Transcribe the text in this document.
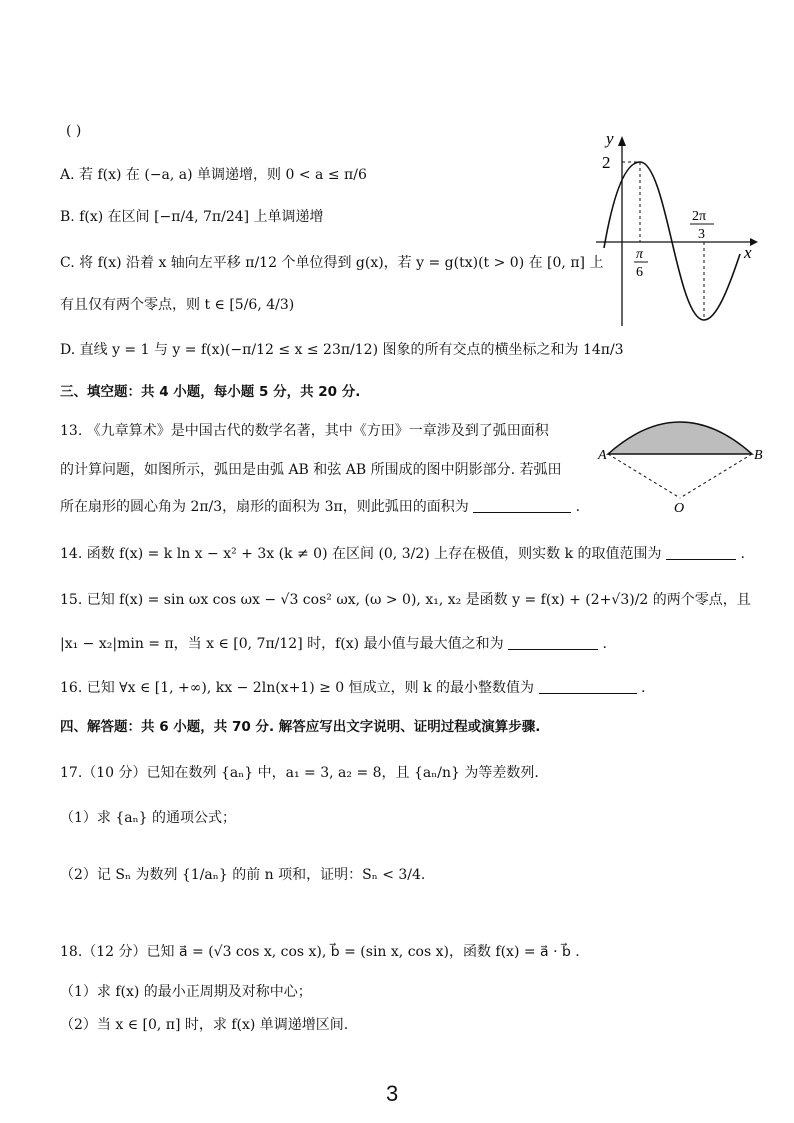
( )
A. 若 f(x) 在 (−a, a) 单调递增，则 0 < a ≤ π/6
B. f(x) 在区间 [−π/4, 7π/24] 上单调递增
C. 将 f(x) 沿着 x 轴向左平移 π/12 个单位得到 g(x)，若 y = g(tx)(t > 0) 在 [0, π] 上
有且仅有两个零点，则 t ∈ [5/6, 4/3)
D. 直线 y = 1 与 y = f(x)(−π/12 ≤ x ≤ 23π/12) 图象的所有交点的横坐标之和为 14π/3
y
x
2
π
6
2π
3
三、填空题：共 4 小题，每小题 5 分，共 20 分.
13. 《九章算术》是中国古代的数学名著，其中《方田》一章涉及到了弧田面积
的计算问题，如图所示，弧田是由弧 AB 和弦 AB 所围成的图中阴影部分. 若弧田
所在扇形的圆心角为 2π/3，扇形的面积为 3π，则此弧田的面积为	.
A	B
O
14. 函数 f(x) = k ln x − x² + 3x (k ≠ 0) 在区间 (0, 3/2) 上存在极值，则实数 k 的取值范围为	.
15. 已知 f(x) = sin ωx cos ωx − √3 cos² ωx, (ω > 0), x₁, x₂ 是函数 y = f(x) + (2+√3)/2 的两个零点，且
|x₁ − x₂|min = π，当 x ∈ [0, 7π/12] 时，f(x) 最小值与最大值之和为	.
16. 已知 ∀x ∈ [1, +∞), kx − 2ln(x+1) ≥ 0 恒成立，则 k 的最小整数值为	.
四、解答题：共 6 小题，共 70 分. 解答应写出文字说明、证明过程或演算步骤.
17.（10 分）已知在数列 {aₙ} 中，a₁ = 3, a₂ = 8，且 {aₙ/n} 为等差数列.
（1）求 {aₙ} 的通项公式；
（2）记 Sₙ 为数列 {1/aₙ} 的前 n 项和，证明：Sₙ < 3/4.
18.（12 分）已知 a⃗ = (√3 cos x, cos x), b⃗ = (sin x, cos x)，函数 f(x) = a⃗ · b⃗ .
（1）求 f(x) 的最小正周期及对称中心；
（2）当 x ∈ [0, π] 时，求 f(x) 单调递增区间.
3
